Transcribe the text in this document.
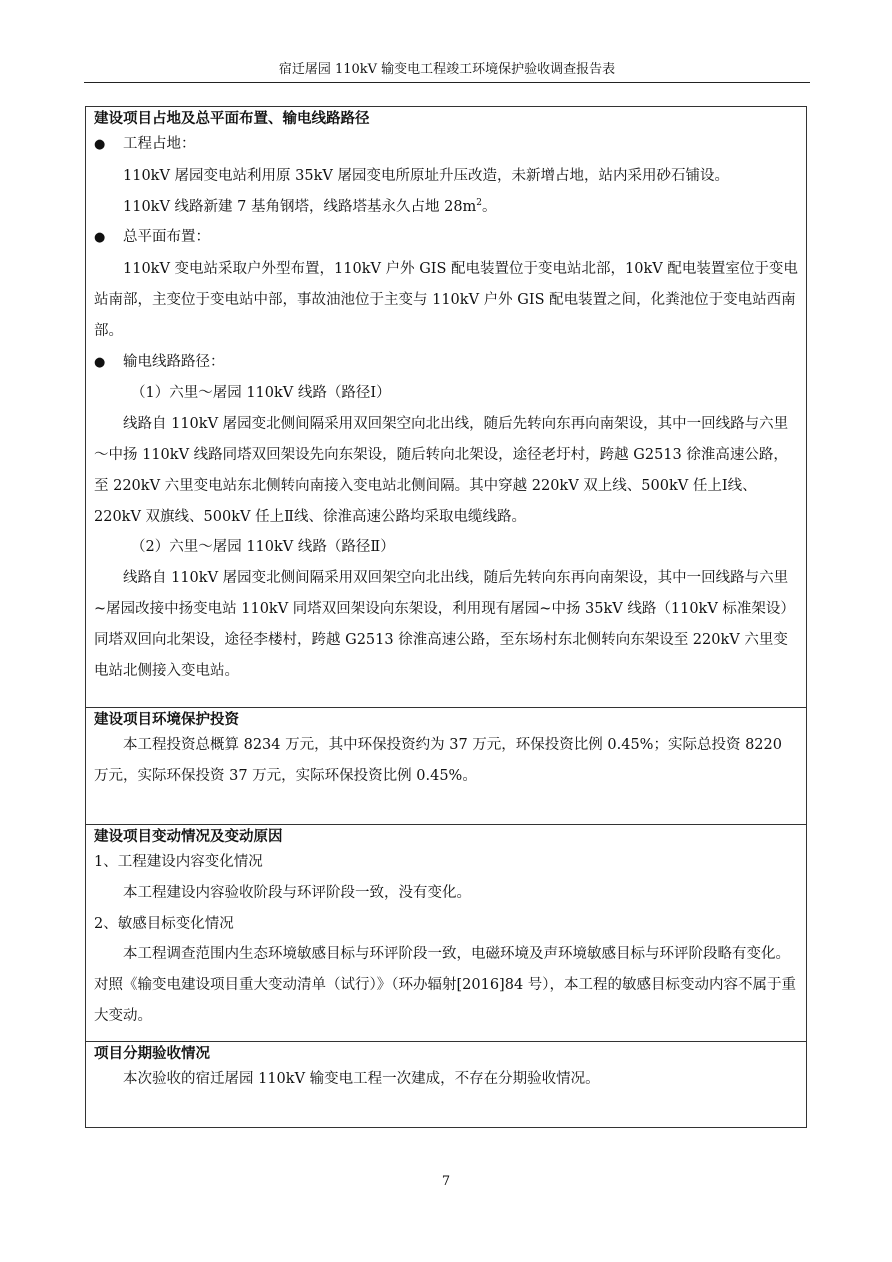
宿迁屠园 110kV 输变电工程竣工环境保护验收调查报告表
建设项目占地及总平面布置、输电线路路径

● 工程占地：

110kV 屠园变电站利用原 35kV 屠园变电所原址升压改造，未新增占地，站内采用砂石铺设。

110kV 线路新建 7 基角钢塔，线路塔基永久占地 $28m^2$。

● 总平面布置：

110kV 变电站采取户外型布置，110kV 户外 GIS 配电装置位于变电站北部，10kV 配电装置室位于变电站南部，主变位于变电站中部，事故油池位于主变与 110kV 户外 GIS 配电装置之间，化粪池位于变电站西南部。

● 输电线路路径：

（1）六里～屠园 110kV 线路（路径Ⅰ）

线路自 110kV 屠园变北侧间隔采用双回架空向北出线，随后先转向东再向南架设，其中一回线路与六里～中扬 110kV 线路同塔双回架设先向东架设，随后转向北架设，途径老圩村，跨越 G2513 徐淮高速公路，至 220kV 六里变电站东北侧转向南接入变电站北侧间隔。其中穿越 220kV 双上线、500kV 任上Ⅰ线、220kV 双旗线、500kV 任上Ⅱ线、徐淮高速公路均采取电缆线路。

（2）六里～屠园 110kV 线路（路径Ⅱ）

线路自 110kV 屠园变北侧间隔采用双回架空向北出线，随后先转向东再向南架设，其中一回线路与六里~屠园改接中扬变电站 110kV 同塔双回架设向东架设，利用现有屠园~中扬 35kV 线路（110kV 标准架设）同塔双回向北架设，途径李楼村，跨越 G2513 徐淮高速公路，至东场村东北侧转向东架设至 220kV 六里变电站北侧接入变电站。

建设项目环境保护投资

本工程投资总概算 8234 万元，其中环保投资约为 37 万元，环保投资比例 0.45%；实际总投资 8220 万元，实际环保投资 37 万元，实际环保投资比例 0.45%。

建设项目变动情况及变动原因

1、工程建设内容变化情况

本工程建设内容验收阶段与环评阶段一致，没有变化。

2、敏感目标变化情况

本工程调查范围内生态环境敏感目标与环评阶段一致，电磁环境及声环境敏感目标与环评阶段略有变化。对照《输变电建设项目重大变动清单（试行）》（环办辐射[2016]84 号），本工程的敏感目标变动内容不属于重大变动。

项目分期验收情况

本次验收的宿迁屠园 110kV 输变电工程一次建成，不存在分期验收情况。

7
